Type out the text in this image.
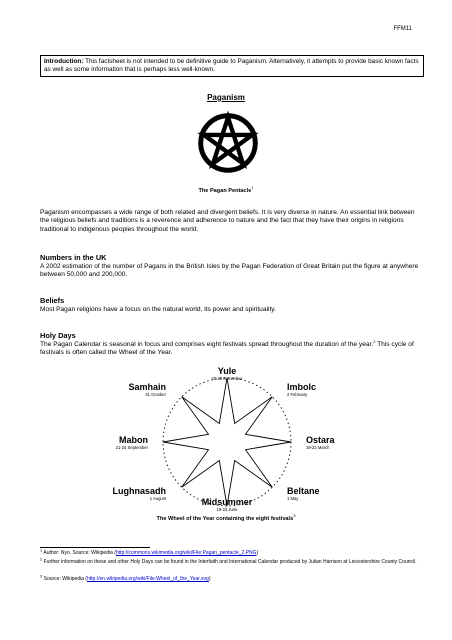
FFM11
Introduction: This factsheet is not intended to be definitive guide to Paganism. Alternatively, it attempts to provide basic known facts as well as some information that is perhaps less well-known.
Paganism
The Pagan Pentacle$^1$
Paganism encompasses a wide range of both related and divergent beliefs. It is very diverse in nature. An essential link between the religious beliefs and traditions is a reverence and adherence to nature and the fact that they have their origins in religions traditional to indigenous peoples throughout the world.
Numbers in the UK
A 2002 estimation of the number of Pagans in the British Isles by the Pagan Federation of Great Britain put the figure at anywhere between 50,000 and 200,000.
Beliefs
Most Pagan religions have a focus on the natural world, its power and spirituality.
Holy Days
The Pagan Calendar is seasonal in focus and comprises eight festivals spread throughout the duration of the year.$^2$ This cycle of festivals is often called the Wheel of the Year.
Yule
20-23 December
Imbolc
2 February
Ostara
19-22 March
Beltane
1 May
Midsummer
19-23 June
Lughnasadh
1 August
Mabon
21-24 September
Samhain
31 October
The Wheel of the Year containing the eight festivals$^3$
$^1$ Author: Nyo. Source: Wikipedia (http://commons.wikimedia.org/wiki/File:Pagan_pentacle_2.PNG)
$^2$ Further information on these and other Holy Days can be found in the Interfaith and International Calendar produced by Julian Harrison at Leicestershire County Council.
$^3$ Source: Wikipedia (http://en.wikipedia.org/wiki/File:Wheel_of_the_Year.svg)
